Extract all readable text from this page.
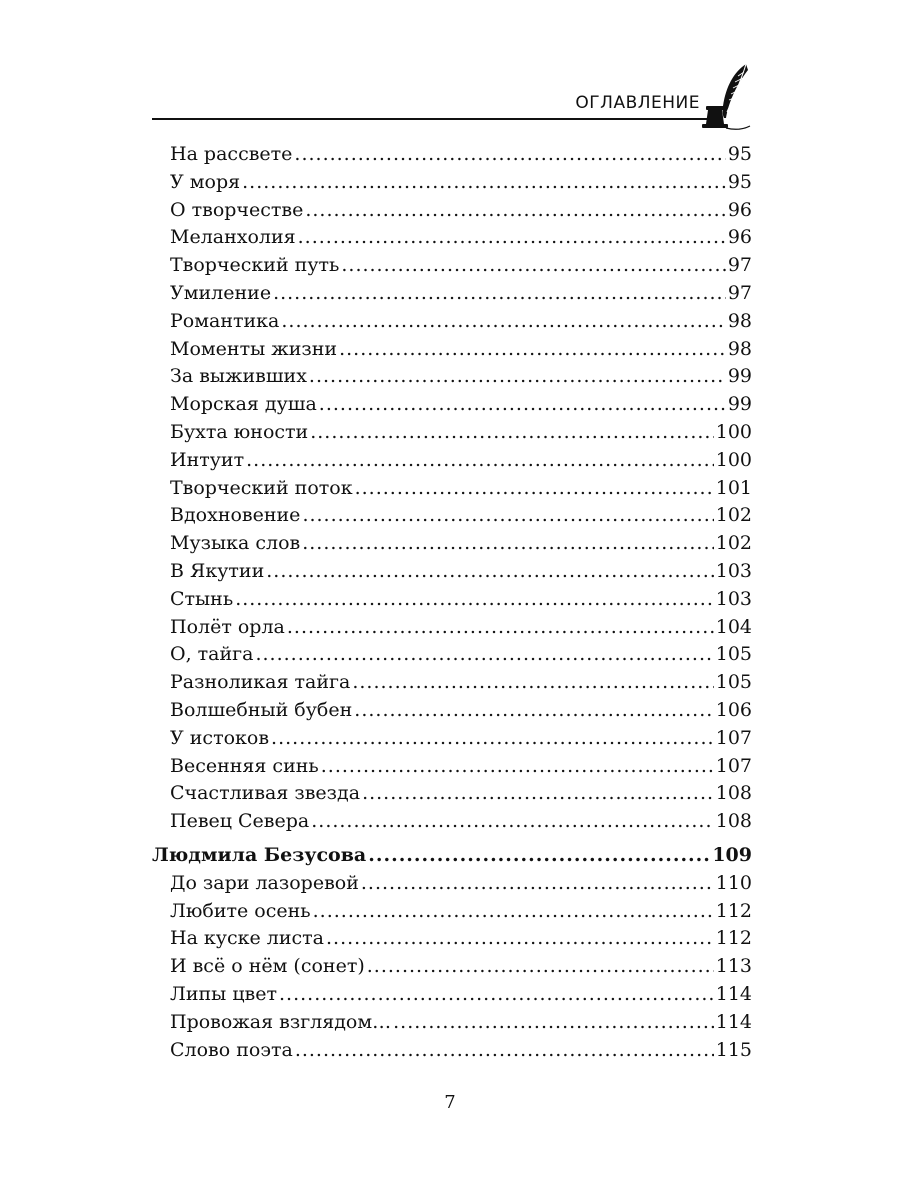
ОГЛАВЛЕНИЕ
На рассвете .....	95
У моря .....	95
О творчестве .....	96
Меланхолия .....	96
Творческий путь .....	97
Умиление .....	97
Романтика .....	98
Моменты жизни .....	98
За выживших .....	99
Морская душа .....	99
Бухта юности .....	100
Интуит .....	100
Творческий поток .....	101
Вдохновение .....	102
Музыка слов .....	102
В Якутии .....	103
Стынь .....	103
Полёт орла .....	104
О, тайга .....	105
Разноликая тайга .....	105
Волшебный бубен .....	106
У истоков .....	107
Весенняя синь .....	107
Счастливая звезда .....	108
Певец Севера .....	108
Людмила Безусова .....	109
До зари лазоревой .....	110
Любите осень .....	112
На куске листа .....	112
И всё о нём (сонет) .....	113
Липы цвет .....	114
Провожая взглядом… .....	114
Слово поэта .....	115
7
